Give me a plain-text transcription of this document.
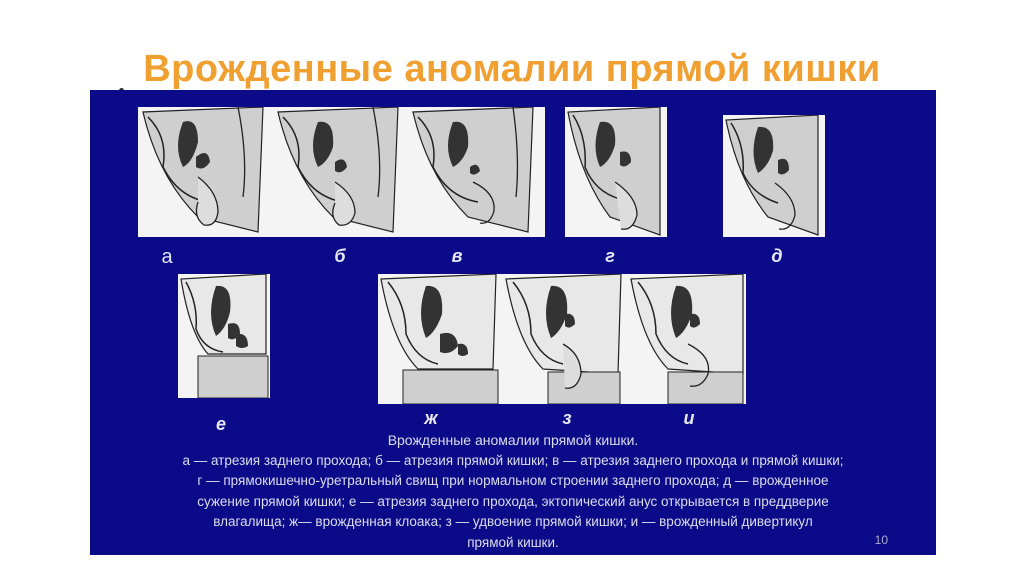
Врожденные аномалии прямой кишки
а	б	в	г	д
е	ж	з	и
Врожденные аномалии прямой кишки.
а — атрезия заднего прохода; б — атрезия прямой кишки; в — атрезия заднего прохода и прямой кишки;
г — прямокишечно-уретральный свищ при нормальном строении заднего прохода; д — врожденное
сужение прямой кишки; е — атрезия заднего прохода, эктопический анус открывается в преддверие
влагалища; ж— врожденная клоака; з — удвоение прямой кишки; и — врожденный дивертикул
прямой кишки.	10
